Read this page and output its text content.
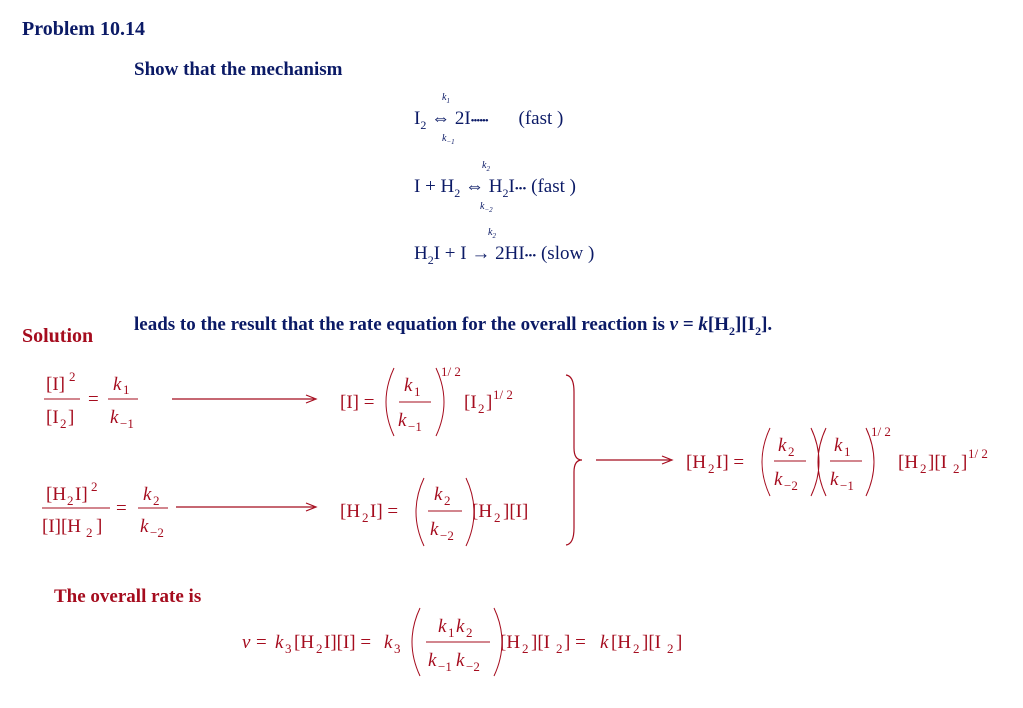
Problem 10.14
Show that the mechanism
$I_2$ ⇔ 2I•••••• (fast )
$k_1$
$k_{-1}$
$I + H_2$ ⇔ $H_2I•••$ (fast )
$k_2$
$k_{-2}$
$H_2I + I$ → 2HI••• (slow )
$k_2$
leads to the result that the rate equation for the overall reaction is $v = k[H_2][I_2]$.
Solution
The overall rate is
[I] 2
[I 2 ]
=
k 1
k −1
[I] =
k 1
k −1
1/ 2
[I 2 ] 1/ 2
[H 2 I] 2
[I][H 2 ]
=
k 2
k −2
[H 2 I] =
k 2
k −2
[H 2 ][I]
[H 2 I] =
k 2
k −2
k 1
k −1
1/ 2
[H 2 ][I 2 ] 1/ 2
v = k 3 [H 2 I][I] = k 3
k 1 k 2
k −1 k −2
[H 2 ][I 2 ] = k [H 2 ][I 2 ]
